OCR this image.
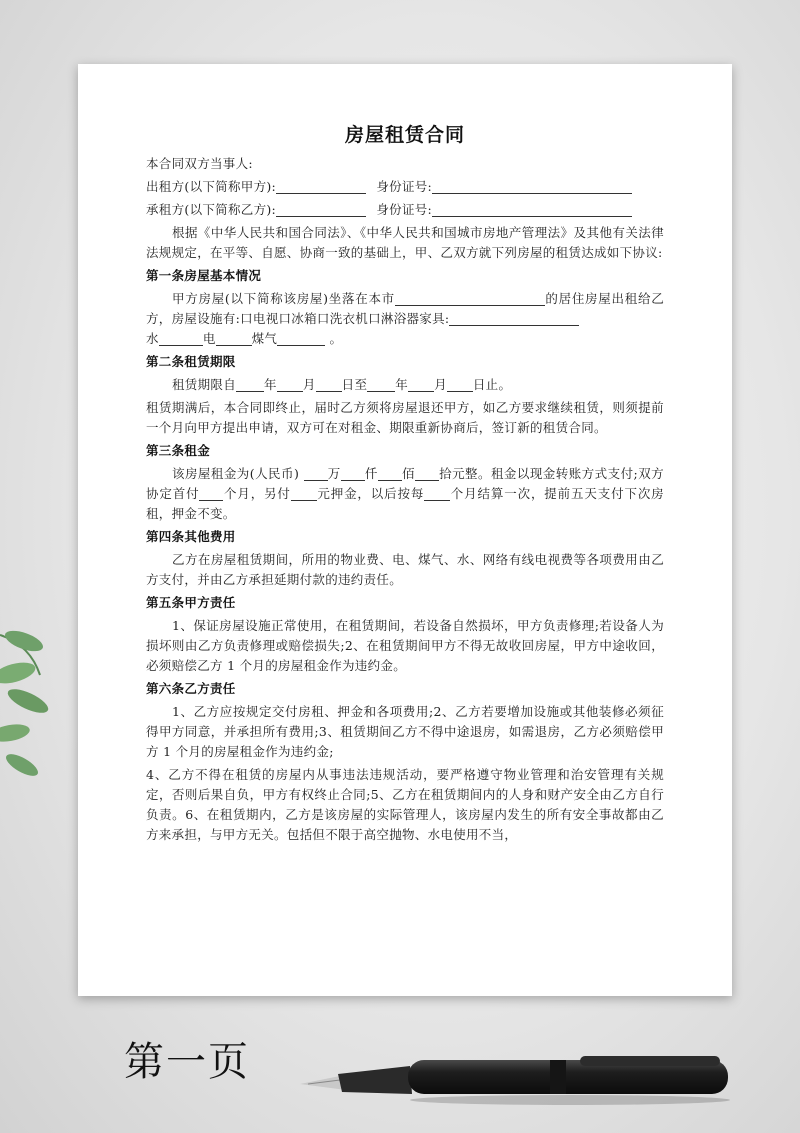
房屋租赁合同

本合同双方当事人:

出租方(以下简称甲方):	身份证号:

承租方(以下简称乙方):	身份证号:

根据《中华人民共和国合同法》、《中华人民共和国城市房地产管理法》及其他有关法律法规规定，在平等、自愿、协商一致的基础上，甲、乙双方就下列房屋的租赁达成如下协议:

第一条房屋基本情况

甲方房屋(以下简称该房屋)坐落在本市	的居住房屋出租给乙方，房屋设施有:口电视口冰箱口洗衣机口淋浴器家具:
水	电	煤气	。

第二条租赁期限

租赁期限自 年 月 日至 年 月 日止。

租赁期满后，本合同即终止，届时乙方须将房屋退还甲方，如乙方要求继续租赁，则须提前一个月向甲方提出申请，双方可在对租金、期限重新协商后，签订新的租赁合同。

第三条租金

该房屋租金为(人民币) 万 仟 佰 拾元整。租金以现金转账方式支付;双方协定首付 个月，另付 元押金，以后按每 个月结算一次，提前五天支付下次房租，押金不变。

第四条其他费用

乙方在房屋租赁期间，所用的物业费、电、煤气、水、网络有线电视费等各项费用由乙方支付，并由乙方承担延期付款的违约责任。

第五条甲方责任

1、保证房屋设施正常使用，在租赁期间，若设备自然损坏，甲方负责修理;若设备人为损坏则由乙方负责修理或赔偿损失;2、在租赁期间甲方不得无故收回房屋，甲方中途收回，必须赔偿乙方 1 个月的房屋租金作为违约金。

第六条乙方责任

1、乙方应按规定交付房租、押金和各项费用;2、乙方若要增加设施或其他装修必须征得甲方同意，并承担所有费用;3、租赁期间乙方不得中途退房，如需退房，乙方必须赔偿甲方 1 个月的房屋租金作为违约金;

4、乙方不得在租赁的房屋内从事违法违规活动，要严格遵守物业管理和治安管理有关规定，否则后果自负，甲方有权终止合同;5、乙方在租赁期间内的人身和财产安全由乙方自行负责。6、在租赁期内，乙方是该房屋的实际管理人，该房屋内发生的所有安全事故都由乙方来承担，与甲方无关。包括但不限于高空抛物、水电使用不当，

第一页
